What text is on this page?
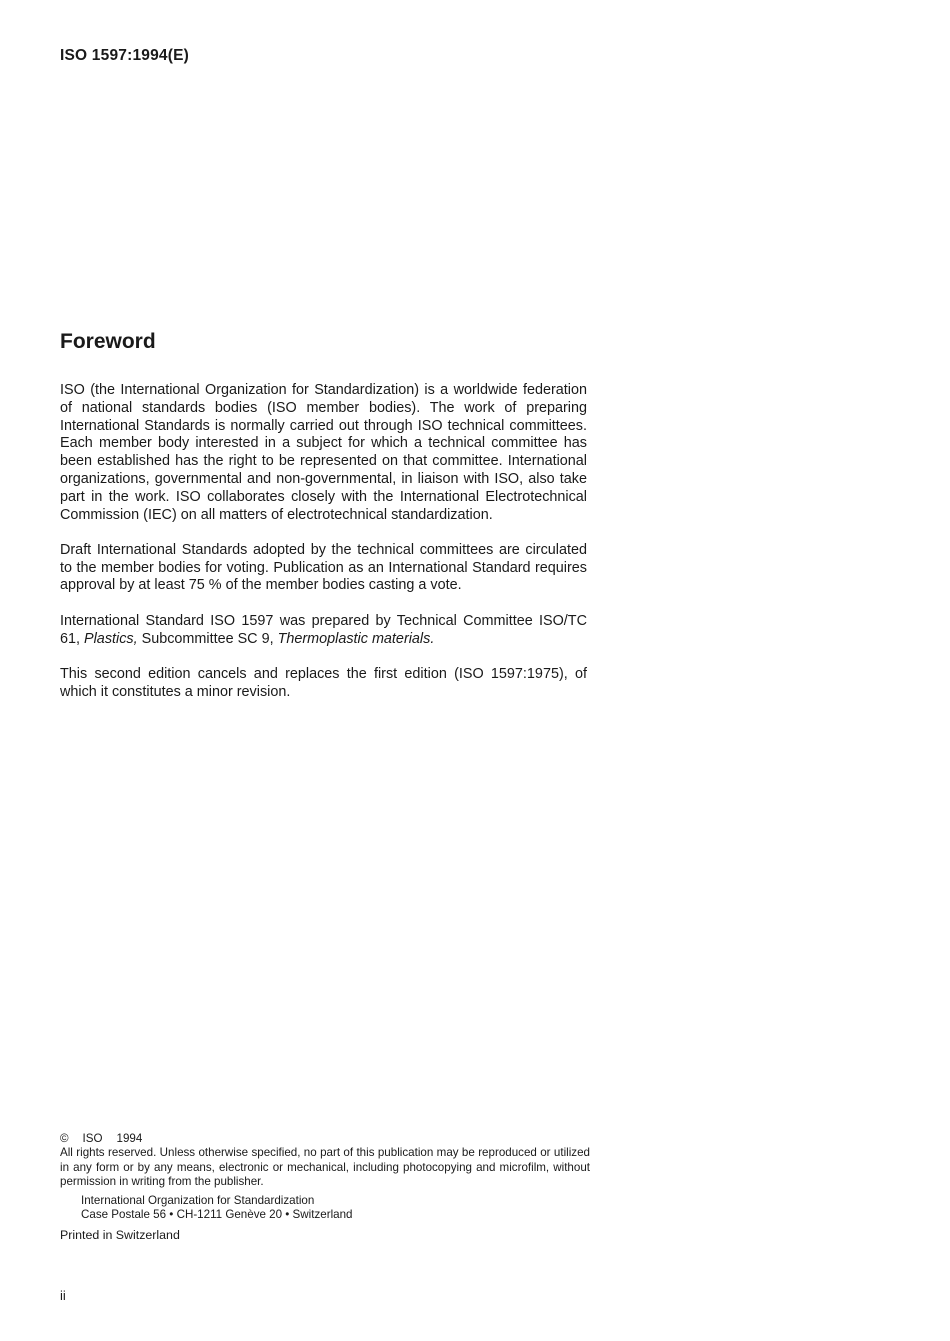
ISO 1597:1994(E)
Foreword

ISO (the International Organization for Standardization) is a worldwide federation of national standards bodies (ISO member bodies). The work of preparing International Standards is normally carried out through ISO technical committees. Each member body interested in a subject for which a technical committee has been established has the right to be represented on that committee. International organizations, governmental and non-governmental, in liaison with ISO, also take part in the work. ISO collaborates closely with the International Electrotechnical Commission (IEC) on all matters of electrotechnical standardization.

Draft International Standards adopted by the technical committees are circulated to the member bodies for voting. Publication as an International Standard requires approval by at least 75 % of the member bodies casting a vote.

International Standard ISO 1597 was prepared by Technical Committee ISO/TC 61, Plastics, Subcommittee SC 9, Thermoplastic materials.

This second edition cancels and replaces the first edition (ISO 1597:1975), of which it constitutes a minor revision.

© ISO 1994

All rights reserved. Unless otherwise specified, no part of this publication may be reproduced or utilized in any form or by any means, electronic or mechanical, including photocopying and microfilm, without permission in writing from the publisher.

International Organization for Standardization
Case Postale 56 • CH-1211 Genève 20 • Switzerland

Printed in Switzerland

ii
